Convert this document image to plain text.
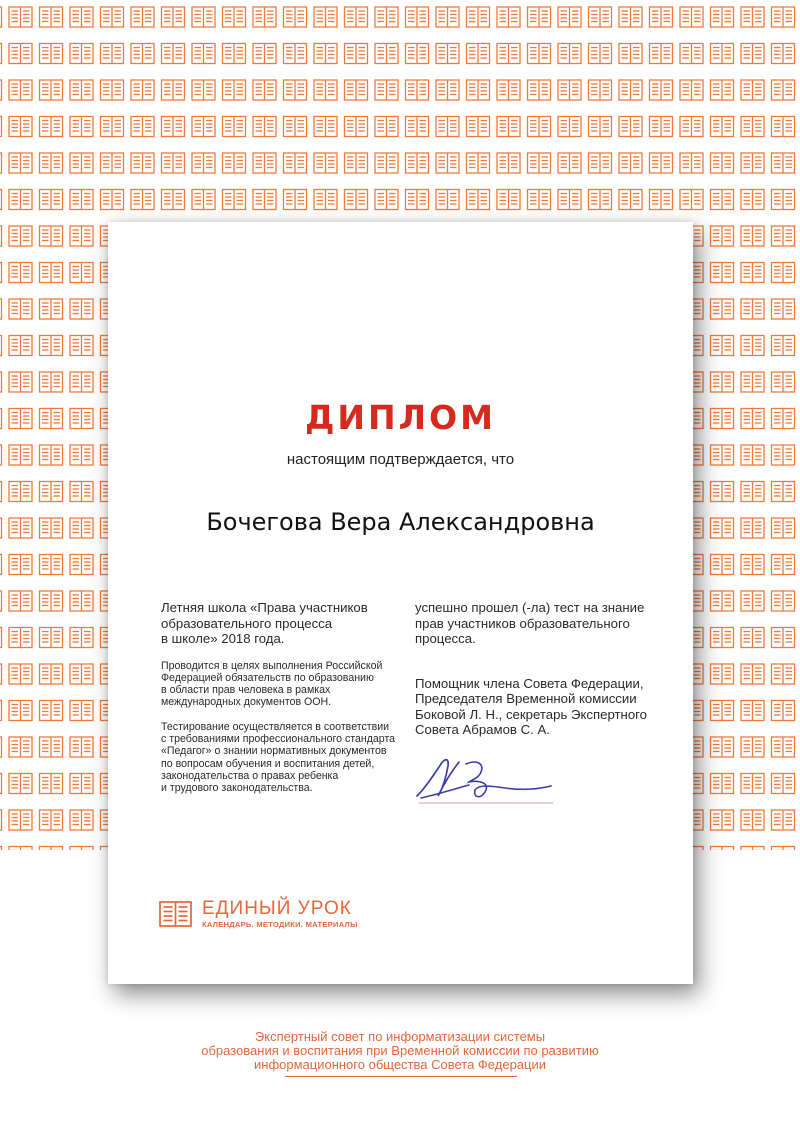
ДИПЛОМ
настоящим подтверждается, что
Бочегова Вера Александровна

Летняя школа «Права участников
образовательного процесса
в школе» 2018 года.

Проводится в целях выполнения Российской
Федерацией обязательств по образованию
в области прав человека в рамках
международных документов ООН.

Тестирование осуществляется в соответствии
с требованиями профессионального стандарта
«Педагог» о знании нормативных документов
по вопросам обучения и воспитания детей,
законодательства о правах ребенка
и трудового законодательства.

успешно прошел (-ла) тест на знание
прав участников образовательного
процесса.

Помощник члена Совета Федерации,
Председателя Временной комиссии
Боковой Л. Н., секретарь Экспертного
Совета Абрамов С. А.

ЕДИНЫЙ УРОК
КАЛЕНДАРЬ. МЕТОДИКИ. МАТЕРИАЛЫ
Экспертный совет по информатизации системы
образования и воспитания при Временной комиссии по развитию
информационного общества Совета Федерации
